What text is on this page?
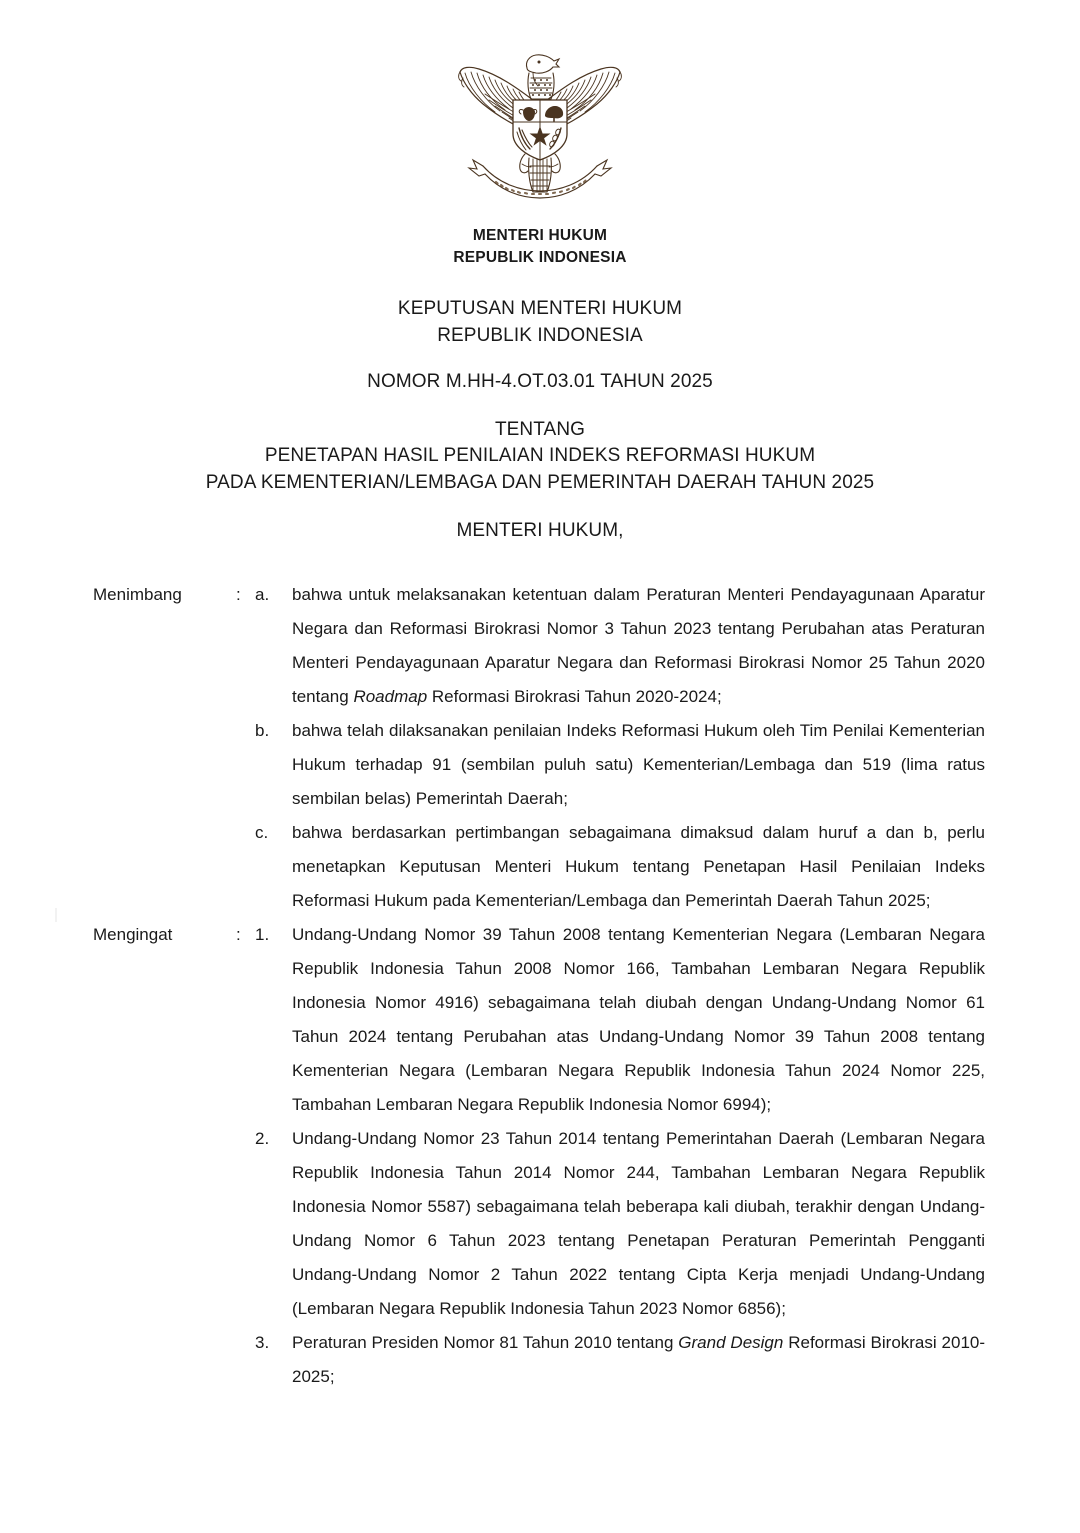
MENTERI HUKUM
REPUBLIK INDONESIA
KEPUTUSAN MENTERI HUKUM
REPUBLIK INDONESIA
NOMOR M.HH-4.OT.03.01 TAHUN 2025
TENTANG
PENETAPAN HASIL PENILAIAN INDEKS REFORMASI HUKUM
PADA KEMENTERIAN/LEMBAGA DAN PEMERINTAH DAERAH TAHUN 2025
MENTERI HUKUM,
Menimbang	: a.	bahwa untuk melaksanakan ketentuan dalam Peraturan Menteri Pendayagunaan Aparatur Negara dan Reformasi Birokrasi Nomor 3 Tahun 2023 tentang Perubahan atas Peraturan Menteri Pendayagunaan Aparatur Negara dan Reformasi Birokrasi Nomor 25 Tahun 2020 tentang Roadmap Reformasi Birokrasi Tahun 2020-2024;
b.	bahwa telah dilaksanakan penilaian Indeks Reformasi Hukum oleh Tim Penilai Kementerian Hukum terhadap 91 (sembilan puluh satu) Kementerian/Lembaga dan 519 (lima ratus sembilan belas) Pemerintah Daerah;
c.	bahwa berdasarkan pertimbangan sebagaimana dimaksud dalam huruf a dan b, perlu menetapkan Keputusan Menteri Hukum tentang Penetapan Hasil Penilaian Indeks Reformasi Hukum pada Kementerian/Lembaga dan Pemerintah Daerah Tahun 2025;
Mengingat	: 1.	Undang-Undang Nomor 39 Tahun 2008 tentang Kementerian Negara (Lembaran Negara Republik Indonesia Tahun 2008 Nomor 166, Tambahan Lembaran Negara Republik Indonesia Nomor 4916) sebagaimana telah diubah dengan Undang-Undang Nomor 61 Tahun 2024 tentang Perubahan atas Undang-Undang Nomor 39 Tahun 2008 tentang Kementerian Negara (Lembaran Negara Republik Indonesia Tahun 2024 Nomor 225, Tambahan Lembaran Negara Republik Indonesia Nomor 6994);
2.	Undang-Undang Nomor 23 Tahun 2014 tentang Pemerintahan Daerah (Lembaran Negara Republik Indonesia Tahun 2014 Nomor 244, Tambahan Lembaran Negara Republik Indonesia Nomor 5587) sebagaimana telah beberapa kali diubah, terakhir dengan Undang-Undang Nomor 6 Tahun 2023 tentang Penetapan Peraturan Pemerintah Pengganti Undang-Undang Nomor 2 Tahun 2022 tentang Cipta Kerja menjadi Undang-Undang (Lembaran Negara Republik Indonesia Tahun 2023 Nomor 6856);
3.	Peraturan Presiden Nomor 81 Tahun 2010 tentang Grand Design Reformasi Birokrasi 2010-2025;
